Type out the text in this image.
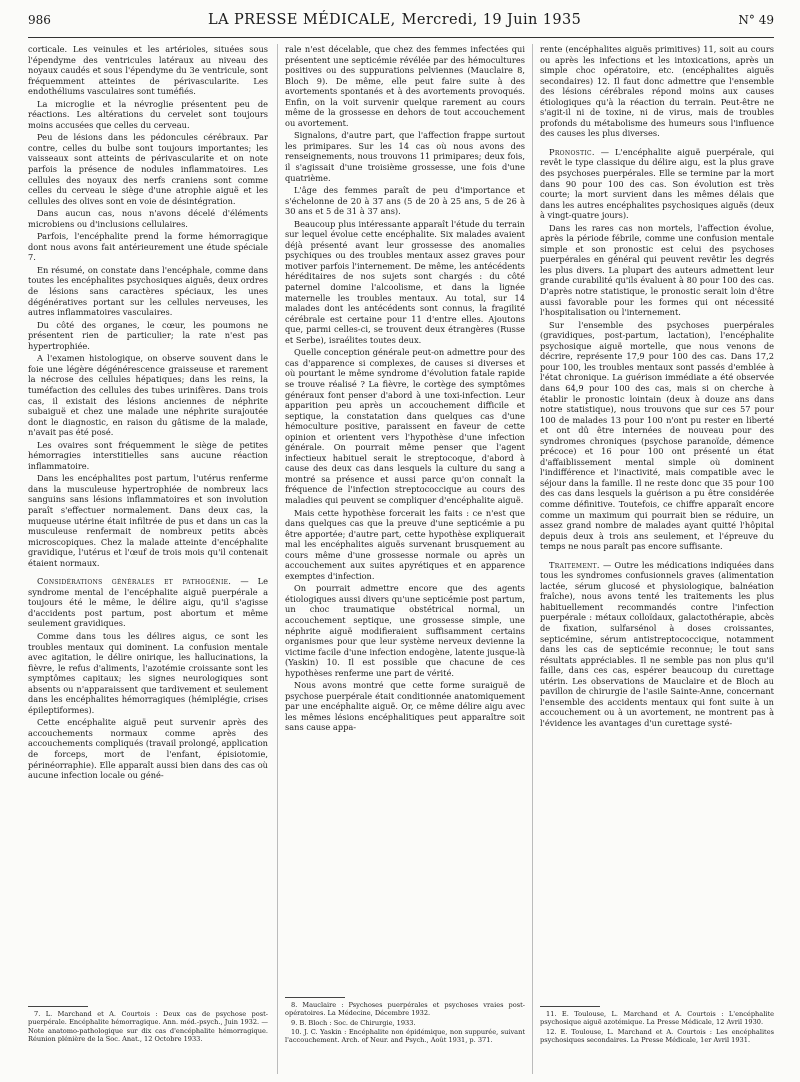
986	LA PRESSE MÉDICALE, Mercredi, 19 Juin 1935	N° 49

corticale. Les veinules et les artérioles, situées sous l'épendyme des ventricules latéraux au niveau des noyaux caudés et sous l'épendyme du 3e ventricule, sont fréquemment atteintes de périvascularite. Les endothéliums vasculaires sont tuméfiés.

La microglie et la névroglie présentent peu de réactions. Les altérations du cervelet sont toujours moins accusées que celles du cerveau.

Peu de lésions dans les pédoncules cérébraux. Par contre, celles du bulbe sont toujours importantes; les vaisseaux sont atteints de périvascularite et on note parfois la présence de nodules inflammatoires. Les cellules des noyaux des nerfs craniens sont comme celles du cerveau le siège d'une atrophie aiguë et les cellules des olives sont en voie de désintégration.

Dans aucun cas, nous n'avons décelé d'éléments microbiens ou d'inclusions cellulaires.

Parfois, l'encéphalite prend la forme hémorragique dont nous avons fait antérieurement une étude spéciale 7.

En résumé, on constate dans l'encéphale, comme dans toutes les encéphalites psychosiques aiguës, deux ordres de lésions sans caractères spéciaux, les unes dégénératives portant sur les cellules nerveuses, les autres inflammatoires vasculaires.

Du côté des organes, le cœur, les poumons ne présentent rien de particulier; la rate n'est pas hypertrophiée.

A l'examen histologique, on observe souvent dans le foie une légère dégénérescence graisseuse et rarement la nécrose des cellules hépatiques; dans les reins, la tuméfaction des cellules des tubes urinifères. Dans trois cas, il existait des lésions anciennes de néphrite subaiguë et chez une malade une néphrite surajoutée dont le diagnostic, en raison du gâtisme de la malade, n'avait pas été posé.

Les ovaires sont fréquemment le siège de petites hémorragies interstitielles sans aucune réaction inflammatoire.

Dans les encéphalites post partum, l'utérus renferme dans la musculeuse hypertrophiée de nombreux lacs sanguins sans lésions inflammatoires et son involution paraît s'effectuer normalement. Dans deux cas, la muqueuse utérine était infiltrée de pus et dans un cas la musculeuse renfermait de nombreux petits abcès microscopiques. Chez la malade atteinte d'encéphalite gravidique, l'utérus et l'œuf de trois mois qu'il contenait étaient normaux.

Considérations générales et pathogénie. — Le syndrome mental de l'encéphalite aiguë puerpérale a toujours été le même, le délire aigu, qu'il s'agisse d'accidents post partum, post abortum et même seulement gravidiques.

Comme dans tous les délires aigus, ce sont les troubles mentaux qui dominent. La confusion mentale avec agitation, le délire onirique, les hallucinations, la fièvre, le refus d'aliments, l'azotémie croissante sont les symptômes capitaux; les signes neurologiques sont absents ou n'apparaissent que tardivement et seulement dans les encéphalites hémorragiques (hémiplégie, crises épileptiformes).

Cette encéphalite aiguë peut survenir après des accouchements normaux comme après des accouchements compliqués (travail prolongé, application de forceps, mort de l'enfant, épisiotomie, périnéorraphie). Elle apparaît aussi bien dans des cas où aucune infection locale ou géné-

rale n'est décelable, que chez des femmes infectées qui présentent une septicémie révélée par des hémocultures positives ou des suppurations pelviennes (Mauclaire 8, Bloch 9). De même, elle peut faire suite à des avortements spontanés et à des avortements provoqués. Enfin, on la voit survenir quelque rarement au cours même de la grossesse en dehors de tout accouchement ou avortement.

Signalons, d'autre part, que l'affection frappe surtout les primipares. Sur les 14 cas où nous avons des renseignements, nous trouvons 11 primipares; deux fois, il s'agissait d'une troisième grossesse, une fois d'une quatrième.

L'âge des femmes paraît de peu d'importance et s'échelonne de 20 à 37 ans (5 de 20 à 25 ans, 5 de 26 à 30 ans et 5 de 31 à 37 ans).

Beaucoup plus intéressante apparaît l'étude du terrain sur lequel évolue cette encéphalite. Six malades avaient déjà présenté avant leur grossesse des anomalies psychiques ou des troubles mentaux assez graves pour motiver parfois l'internement. De même, les antécédents héréditaires de nos sujets sont chargés : du côté paternel domine l'alcoolisme, et dans la lignée maternelle les troubles mentaux. Au total, sur 14 malades dont les antécédents sont connus, la fragilité cérébrale est certaine pour 11 d'entre elles. Ajoutons que, parmi celles-ci, se trouvent deux étrangères (Russe et Serbe), israélites toutes deux.

Quelle conception générale peut-on admettre pour des cas d'apparence si complexes, de causes si diverses et où pourtant le même syndrome d'évolution fatale rapide se trouve réalisé ? La fièvre, le cortège des symptômes généraux font penser d'abord à une toxi-infection. Leur apparition peu après un accouchement difficile et septique, la constatation dans quelques cas d'une hémoculture positive, paraissent en faveur de cette opinion et orientent vers l'hypothèse d'une infection générale. On pourrait même penser que l'agent infectieux habituel serait le streptocoque, d'abord à cause des deux cas dans lesquels la culture du sang a montré sa présence et aussi parce qu'on connaît la fréquence de l'infection streptococcique au cours des maladies qui peuvent se compliquer d'encéphalite aiguë.

Mais cette hypothèse forcerait les faits : ce n'est que dans quelques cas que la preuve d'une septicémie a pu être apportée; d'autre part, cette hypothèse expliquerait mal les encéphalites aiguës survenant brusquement au cours même d'une grossesse normale ou après un accouchement aux suites apyrétiques et en apparence exemptes d'infection.

On pourrait admettre encore que des agents étiologiques aussi divers qu'une septicémie post partum, un choc traumatique obstétrical normal, un accouchement septique, une grossesse simple, une néphrite aiguë modifieraient suffisamment certains organismes pour que leur système nerveux devienne la victime facile d'une infection endogène, latente jusque-là (Yaskin) 10. Il est possible que chacune de ces hypothèses renferme une part de vérité.

Nous avons montré que cette forme suraiguë de psychose puerpérale était conditionnée anatomiquement par une encéphalite aiguë. Or, ce même délire aigu avec les mêmes lésions encéphalitiques peut apparaître soit sans cause appa-

rente (encéphalites aiguës primitives) 11, soit au cours ou après les infections et les intoxications, après un simple choc opératoire, etc. (encéphalites aiguës secondaires) 12. Il faut donc admettre que l'ensemble des lésions cérébrales répond moins aux causes étiologiques qu'à la réaction du terrain. Peut-être ne s'agit-il ni de toxine, ni de virus, mais de troubles profonds du métabolisme des humeurs sous l'influence des causes les plus diverses.

Pronostic. — L'encéphalite aiguë puerpérale, qui revêt le type classique du délire aigu, est la plus grave des psychoses puerpérales. Elle se termine par la mort dans 90 pour 100 des cas. Son évolution est très courte; la mort survient dans les mêmes délais que dans les autres encéphalites psychosiques aiguës (deux à vingt-quatre jours).

Dans les rares cas non mortels, l'affection évolue, après la période fébrile, comme une confusion mentale simple et son pronostic est celui des psychoses puerpérales en général qui peuvent revêtir les degrés les plus divers. La plupart des auteurs admettent leur grande curabilité qu'ils évaluent à 80 pour 100 des cas. D'après notre statistique, le pronostic serait loin d'être aussi favorable pour les formes qui ont nécessité l'hospitalisation ou l'internement.

Sur l'ensemble des psychoses puerpérales (gravidiques, post-partum, lactation), l'encéphalite psychosique aiguë mortelle, que nous venons de décrire, représente 17,9 pour 100 des cas. Dans 17,2 pour 100, les troubles mentaux sont passés d'emblée à l'état chronique. La guérison immédiate a été observée dans 64,9 pour 100 des cas, mais si on cherche à établir le pronostic lointain (deux à douze ans dans notre statistique), nous trouvons que sur ces 57 pour 100 de malades 13 pour 100 n'ont pu rester en liberté et ont dû être internées de nouveau pour des syndromes chroniques (psychose paranoïde, démence précoce) et 16 pour 100 ont présenté un état d'affaiblissement mental simple où dominent l'indifférence et l'inactivité, mais compatible avec le séjour dans la famille. Il ne reste donc que 35 pour 100 des cas dans lesquels la guérison a pu être considérée comme définitive. Toutefois, ce chiffre apparaît encore comme un maximum qui pourrait bien se réduire, un assez grand nombre de malades ayant quitté l'hôpital depuis deux à trois ans seulement, et l'épreuve du temps ne nous paraît pas encore suffisante.

Traitement. — Outre les médications indiquées dans tous les syndromes confusionnels graves (alimentation lactée, sérum glucosé et physiologique, balnéation fraîche), nous avons tenté les traitements les plus habituellement recommandés contre l'infection puerpérale : métaux colloïdaux, galactothérapie, abcès de fixation, sulfarsénol à doses croissantes, septicémine, sérum antistreptococcique, notamment dans les cas de septicémie reconnue; le tout sans résultats appréciables. Il ne semble pas non plus qu'il faille, dans ces cas, espérer beaucoup du curettage utérin. Les observations de Mauclaire et de Bloch au pavillon de chirurgie de l'asile Sainte-Anne, concernant l'ensemble des accidents mentaux qui font suite à un accouchement ou à un avortement, ne montrent pas à l'évidence les avantages d'un curettage systé-

7. L. Marchand et A. Courtois : Deux cas de psychose post-puerpérale. Encéphalite hémorragique. Ann. méd.-psych., Juin 1932. — Note anatomo-pathologique sur dix cas d'encéphalite hémorragique. Réunion plénière de la Soc. Anat., 12 Octobre 1933.

8. Mauclaire : Psychoses puerpérales et psychoses vraies post-opératoires. La Médecine, Décembre 1932.

9. B. Bloch : Soc. de Chirurgie, 1933.

10. J. C. Yaskin : Encéphalite non épidémique, non suppurée, suivant l'accouchement. Arch. of Neur. and Psych., Août 1931, p. 371.

11. E. Toulouse, L. Marchand et A. Courtois : L'encéphalite psychosique aiguë azotémique. La Presse Médicale, 12 Avril 1930.

12. E. Toulouse, L. Marchand et A. Courtois : Les encéphalites psychosiques secondaires. La Presse Médicale, 1er Avril 1931.
